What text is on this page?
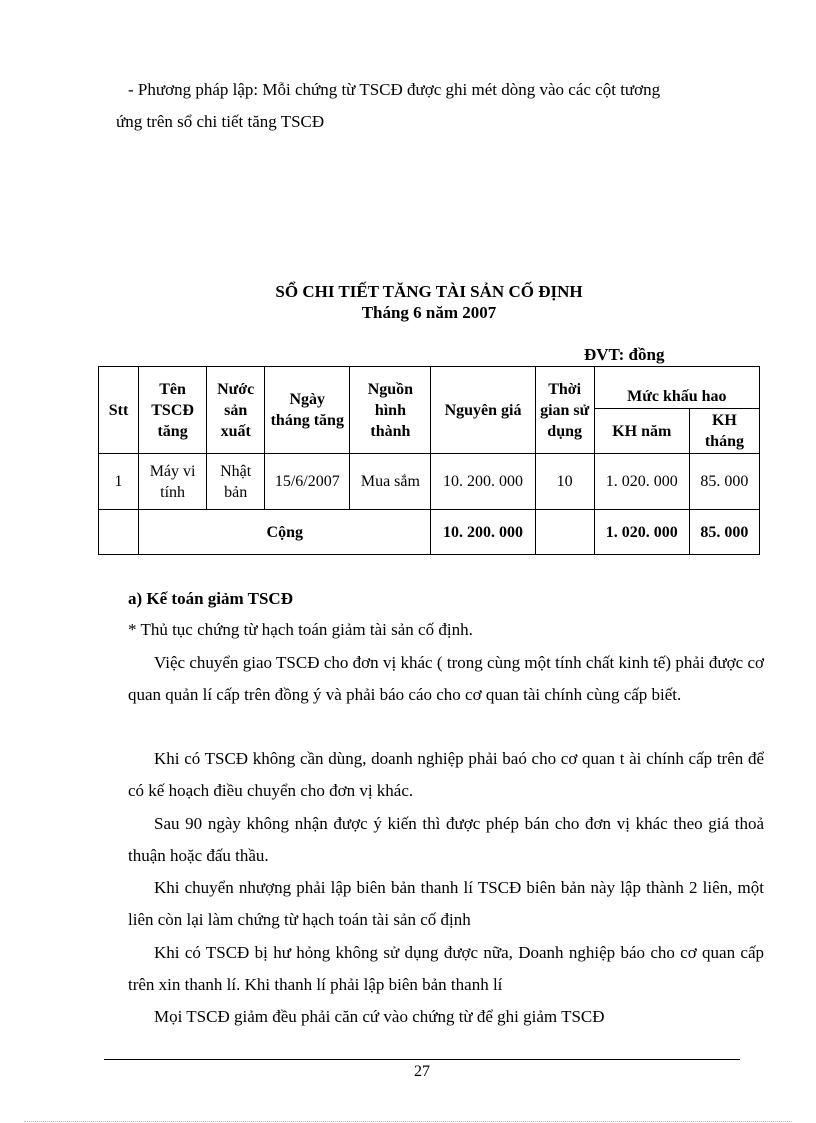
- Phương pháp lập: Mỗi chứng từ TSCĐ được ghi mét dòng vào các cột tương

ứng trên sổ chi tiết tăng TSCĐ

SỔ CHI TIẾT TĂNG TÀI SẢN CỐ ĐỊNH
Tháng 6 năm 2007
ĐVT: đồng
Stt	Tên TSCĐ tăng	Nước sản xuất	Ngày tháng tăng	Nguồn hình thành	Nguyên giá	Thời gian sử dụng	Mức khấu hao	
							KH năm	KH tháng
1	Máy vi tính	Nhật bản	15/6/2007	Mua sắm	10. 200. 000	10	1. 020. 000	85. 000
	Cộng				10. 200. 000		1. 020. 000	85. 000
a) Kế toán giảm TSCĐ

* Thủ tục chứng từ hạch toán giảm tài sản cố định.

Việc chuyển giao TSCĐ cho đơn vị khác ( trong cùng một tính chất kinh tế) phải được cơ quan quản lí cấp trên đồng ý và phải báo cáo cho cơ quan tài chính cùng cấp biết.

Khi có TSCĐ không cần dùng, doanh nghiệp phải baó cho cơ quan t ài chính cấp trên để có kế hoạch điều chuyển cho đơn vị khác.

Sau 90 ngày không nhận được ý kiến thì được phép bán cho đơn vị khác theo giá thoả thuận hoặc đấu thầu.

Khi chuyển nhượng phải lập biên bản thanh lí TSCĐ biên bản này lập thành 2 liên, một liên còn lại làm chứng từ hạch toán tài sản cố định

Khi có TSCĐ bị hư hỏng không sử dụng được nữa, Doanh nghiệp báo cho cơ quan cấp trên xin thanh lí. Khi thanh lí phải lập biên bản thanh lí

Mọi TSCĐ giảm đều phải căn cứ vào chứng từ để ghi giảm TSCĐ

27
